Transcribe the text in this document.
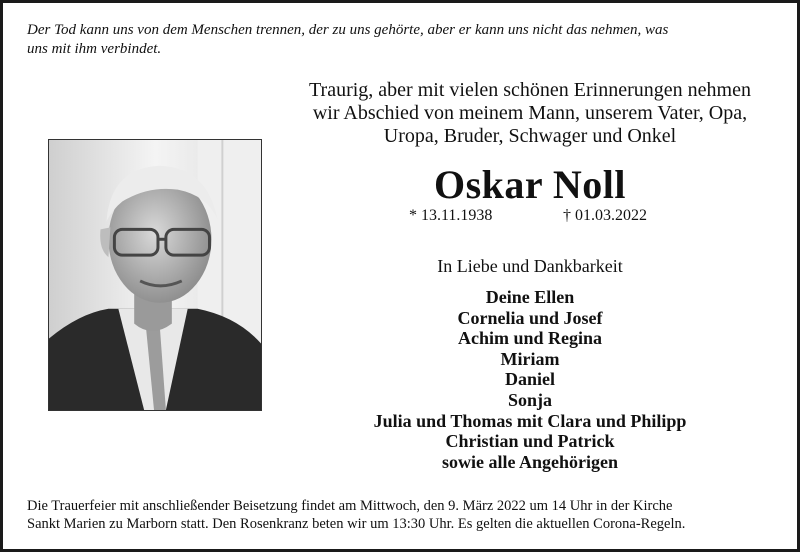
Der Tod kann uns von dem Menschen trennen, der zu uns gehörte, aber er kann uns nicht das nehmen, was
uns mit ihm verbindet.
Traurig, aber mit vielen schönen Erinnerungen nehmen
wir Abschied von meinem Mann, unserem Vater, Opa,
Uropa, Bruder, Schwager und Onkel
Oskar Noll
* 13.11.1938	† 01.03.2022
In Liebe und Dankbarkeit
Deine Ellen
Cornelia und Josef
Achim und Regina
Miriam
Daniel
Sonja
Julia und Thomas mit Clara und Philipp
Christian und Patrick
sowie alle Angehörigen
Die Trauerfeier mit anschließender Beisetzung findet am Mittwoch, den 9. März 2022 um 14 Uhr in der Kirche
Sankt Marien zu Marborn statt. Den Rosenkranz beten wir um 13:30 Uhr. Es gelten die aktuellen Corona-Regeln.
